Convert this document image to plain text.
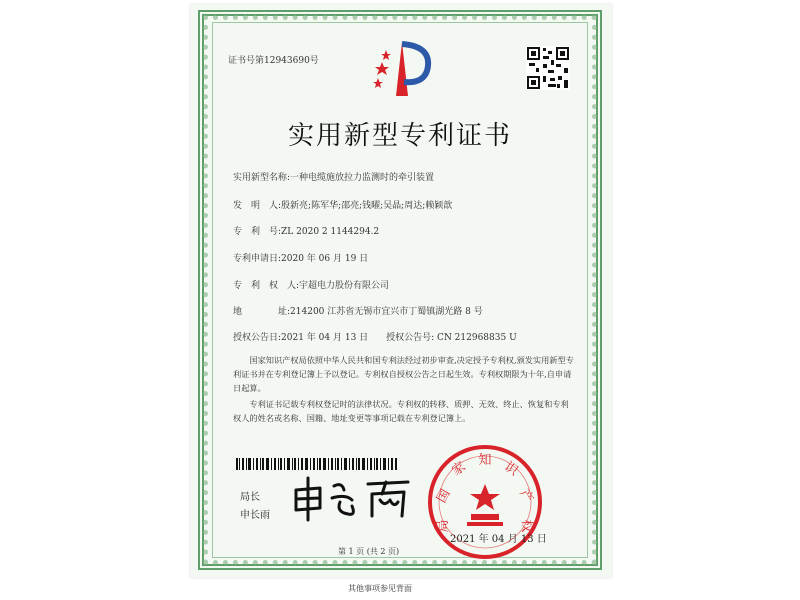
证书号第12943690号
实用新型专利证书
实用新型名称:一种电缆施放拉力监测时的牵引装置
发　明　人:殷新亮;陈军华;邵亮;钱曜;吴晶;周达;赖颖歆
专　利　号:ZL 2020 2 1144294.2
专利申请日:2020 年 06 月 19 日
专　利　权　人:宇超电力股份有限公司
地　　　　址:214200 江苏省无锡市宜兴市丁蜀镇湖光路 8 号
授权公告日:2021 年 04 月 13 日　　授权公告号: CN 212968835 U
国家知识产权局依照中华人民共和国专利法经过初步审查,决定授予专利权,颁发实用新型专利证书并在专利登记簿上予以登记。专利权自授权公告之日起生效。专利权期限为十年,自申请日起算。
专利证书记载专利权登记时的法律状况。专利权的转移、质押、无效、终止、恢复和专利权人的姓名或名称、国籍、地址变更等事项记载在专利登记簿上。
局长
申长雨
国
家 知 识
产
权
局
2021 年 04 月 13 日
第 1 页 (共 2 页)
其他事项参见背面
